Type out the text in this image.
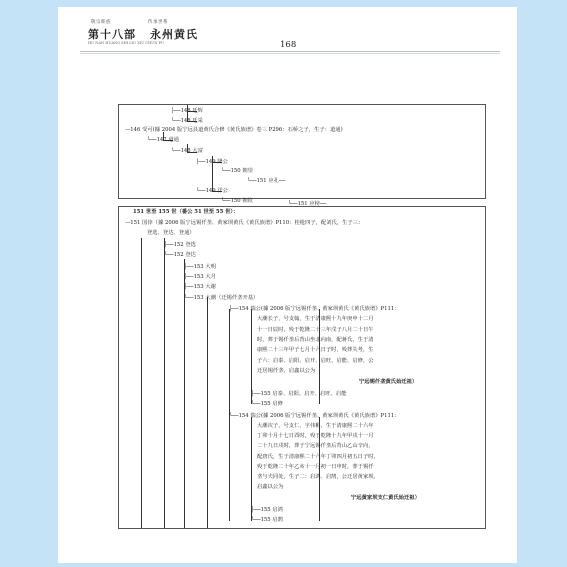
敬宗睦族	传承世系
第十八部 永州黄氏
HU NAN HUANG SHI LIU XIU CHUN PU	168
├──148 廷辉
└──148 廷采
—146 受可(據 2004 版宁远县道黄氏合修《黄氏族谱》卷三 P296：石桥之子，生子：道通)
└──147 道通
└──148 大富
├──149 隆公
└──150 朝崇
└──151 应孔──
└──149 洋公
└──150 朝钦	└──151 应榜──
151 世至 155 世（番公 51 世至 55 世）：
—151 国倖（據 2006 版宁远锡仟垄、黄家坝黄氏《黄氏族谱》P110：桂枪四子，配刘氏，生子三：
登选、登达、登通）
├──152 登选
└──152 登达
├──153 大明
├──153 大月
├──153 大谢
└──153 大潮（迁锡仟垄开基）
├──154 瑞公(據 2006 版宁远锡仟垄、黄家坝黄氏《黄氏族谱》P111：
大潮长子，号支翰，生于清康熙十九年庚申十二月
十一日辰时，殁于乾隆二十三年戊子八月二十日午
时，葬于锡仟垄后背山坐北向南，配蒋氏，生于清
康熙二十三年甲子七月十六日子时，殁葬失考，生
子六：启泰、启阳、启开、启旺、启能、启修，公
迁居锡仟垄，启鑫以公为
宁远锡仟垄黄氏始迁祖）
├──155 启泰、启阳、启开、启旺、启能
└──155 启修
└──154 瑞公(據 2006 版宁远锡仟垄、黄家坝黄氏《黄氏族谱》P111：
大潮次子，号支仁，字伟彬，生于清康熙二十六年
丁卯十月十七日酉时，殁于乾隆十九年甲戌十一月
二十九日戌时，葬于宁远锡仟垄后背山乙山辛向，
配唐氏，生于清康熙二十六年丁卯四月初五日子时，
殁于乾隆二十年乙亥十一月初一日申时，葬于锡仟
垄与夫同处，生子二：启鸿、启鹄，公迁居黄家坝，
启鑫以公为
宁远黄家坝支仁黄氏始迁祖）
├──155 启鸿
└──155 启鹄
